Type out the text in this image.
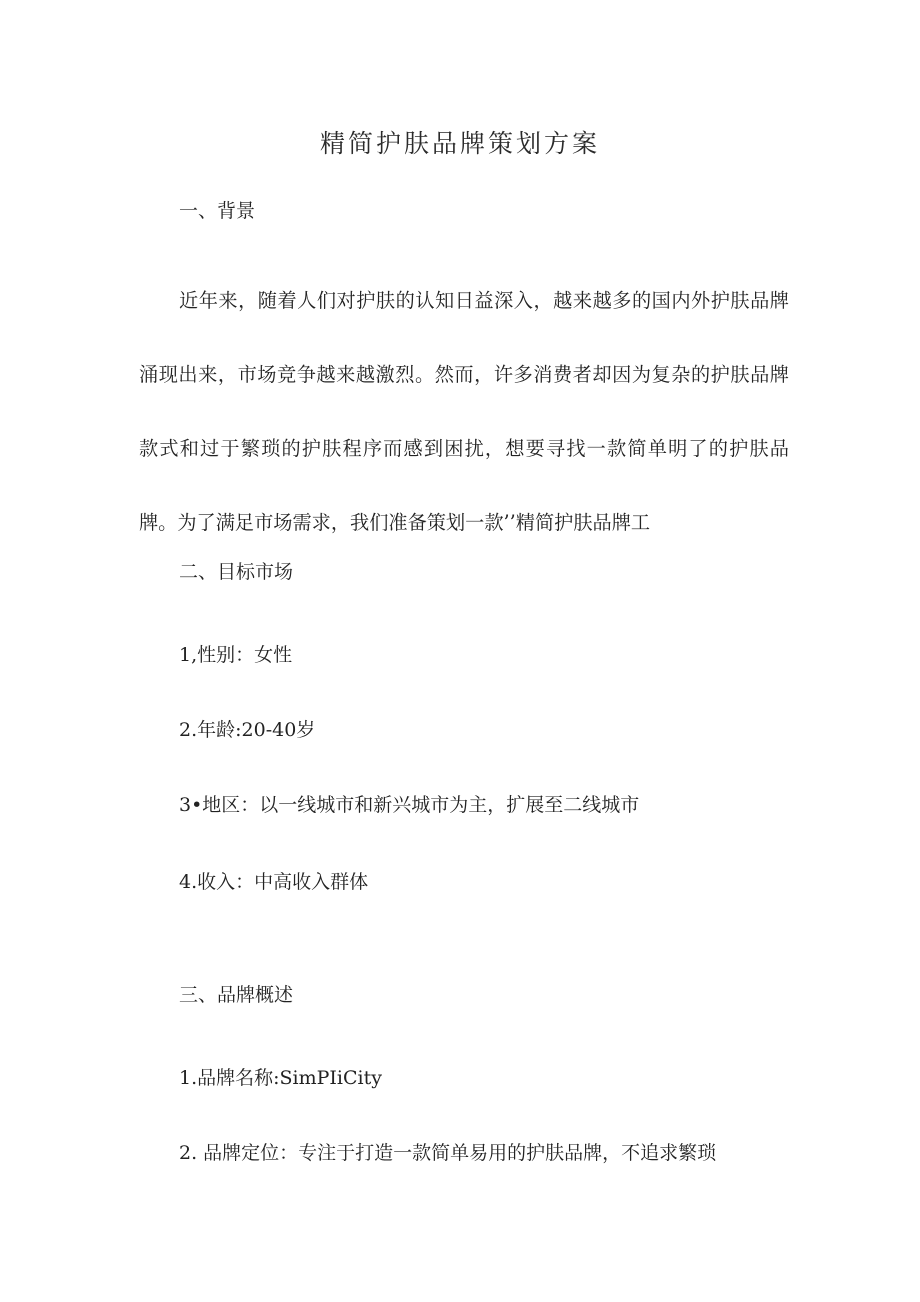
精简护肤品牌策划方案

一、背景

近年来，随着人们对护肤的认知日益深入，越来越多的国内外护肤品牌涌现出来，市场竞争越来越激烈。然而，许多消费者却因为复杂的护肤品牌款式和过于繁琐的护肤程序而感到困扰，想要寻找一款简单明了的护肤品牌。为了满足市场需求，我们准备策划一款’’精简护肤品牌工

二、目标市场

1,性别：女性

2.年龄:20-40岁

3•地区：以一线城市和新兴城市为主，扩展至二线城市

4.收入：中高收入群体

三、品牌概述

1.品牌名称:SimPIiCity

2. 品牌定位：专注于打造一款简单易用的护肤品牌，不追求繁琐
